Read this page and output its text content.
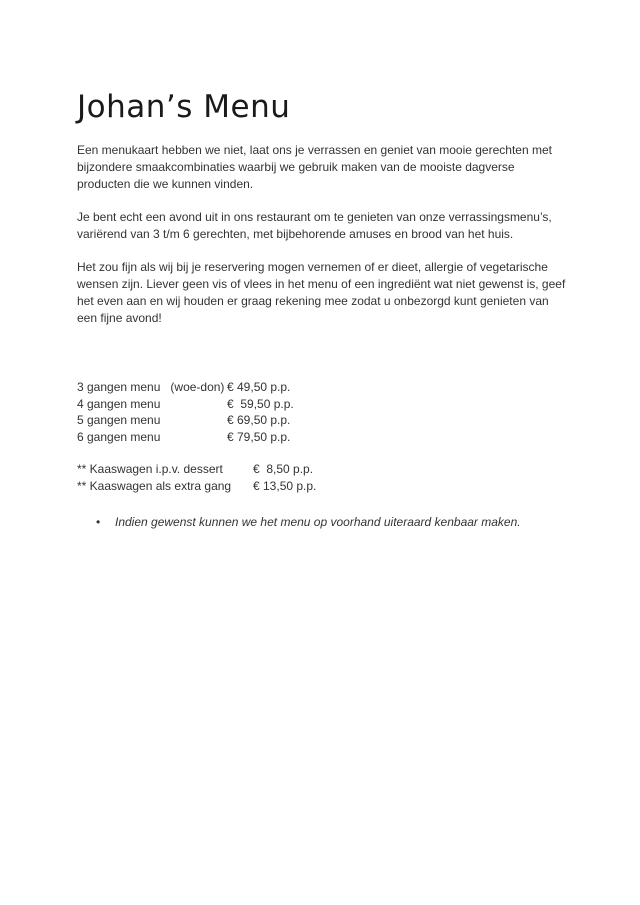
Johan’s Menu

Een menukaart hebben we niet, laat ons je verrassen en geniet van mooie gerechten met bijzondere smaakcombinaties waarbij we gebruik maken van de mooiste dagverse producten die we kunnen vinden.

Je bent echt een avond uit in ons restaurant om te genieten van onze verrassingsmenu’s, variërend van 3 t/m 6 gerechten, met bijbehorende amuses en brood van het huis.

Het zou fijn als wij bij je reservering mogen vernemen of er dieet, allergie of vegetarische wensen zijn. Liever geen vis of vlees in het menu of een ingrediënt wat niet gewenst is, geef het even aan en wij houden er graag rekening mee zodat u onbezorgd kunt genieten van een fijne avond!

3 gangen menu   (woe-don) € 49,50 p.p.
4 gangen menu	€  59,50 p.p.
5 gangen menu	€ 69,50 p.p.
6 gangen menu	€ 79,50 p.p.
** Kaaswagen i.p.v. dessert	€  8,50 p.p.
** Kaaswagen als extra gang	€ 13,50 p.p.
• Indien gewenst kunnen we het menu op voorhand uiteraard kenbaar maken.
